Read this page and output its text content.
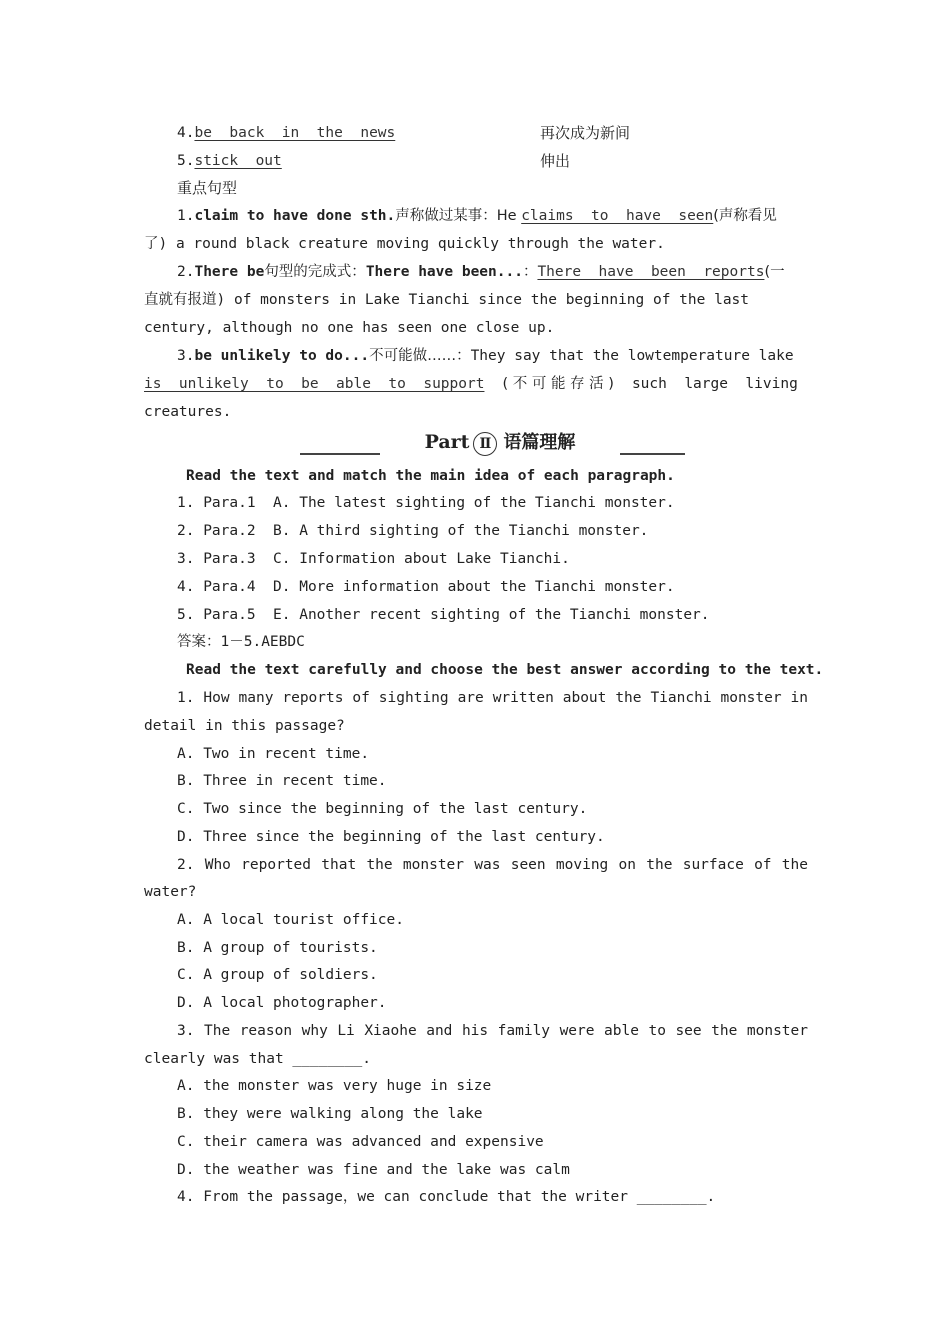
4.be  back  in  the  news	再次成为新间
5.stick  out	伸出
重点句型
1.claim to have done sth.声称做过某事：He claims  to  have  seen(声称看见
了) a round black creature moving quickly through the water.
2.There be句型的完成式：There have been...：There  have  been  reports(一
直就有报道) of monsters in Lake Tianchi since the beginning of the last
century, although no one has seen one close up.
3.be unlikely to do...不可能做……：They say that the lowtemperature lake
is  unlikely  to  be  able  to  support ( 不 可 能 存 活 ) such  large  living
creatures.
Part Ⅱ 语篇理解
Read the text and match the main idea of each paragraph.
1. Para.1  A. The latest sighting of the Tianchi monster.
2. Para.2  B. A third sighting of the Tianchi monster.
3. Para.3  C. Information about Lake Tianchi.
4. Para.4  D. More information about the Tianchi monster.
5. Para.5  E. Another recent sighting of the Tianchi monster.
答案：1－5.AEBDC
Read the text carefully and choose the best answer according to the text.
1. How many reports of sighting are written about the Tianchi monster in
detail in this passage?
A. Two in recent time.
B. Three in recent time.
C. Two since the beginning of the last century.
D. Three since the beginning of the last century.
2. Who reported that the monster was seen moving on the surface of the
water?
A. A local tourist office.
B. A group of tourists.
C. A group of soldiers.
D. A local photographer.
3. The reason why Li Xiaohe and his family were able to see the monster
clearly was that ________.
A. the monster was very huge in size
B. they were walking along the lake
C. their camera was advanced and expensive
D. the weather was fine and the lake was calm
4. From the passage，we can conclude that the writer ________.
